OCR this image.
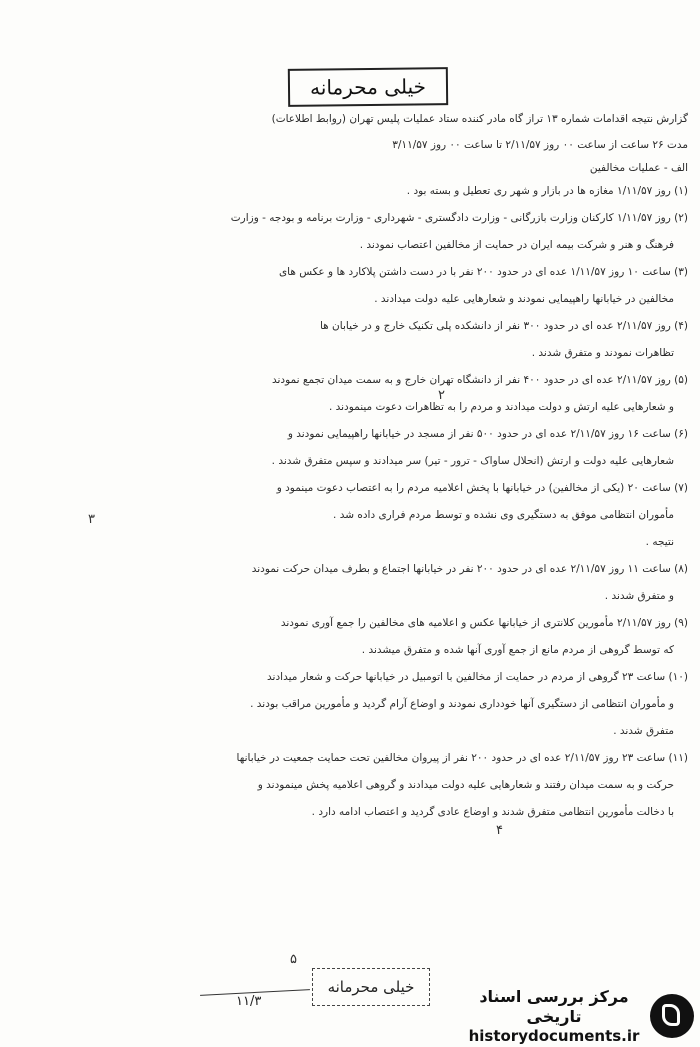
خیلی محرمانه

گزارش نتیجه اقدامات شماره ۱۳ تراز گاه مادر کننده ستاد عملیات پلیس تهران (روابط اطلاعات)

مدت ۲۶ ساعت از ساعت ۰۰ روز ۲/۱۱/۵۷ تا ساعت ۰۰ روز ۳/۱۱/۵۷

الف - عملیات مخالفین

(۱) روز ۱/۱۱/۵۷ مغازه ها در بازار و شهر ری تعطیل و بسته بود .

(۲) روز ۱/۱۱/۵۷ کارکنان وزارت بازرگانی - وزارت دادگستری - شهرداری - وزارت برنامه و بودجه - وزارت
فرهنگ و هنر و شرکت بیمه ایران در حمایت از مخالفین اعتصاب نمودند .

(۳) ساعت ۱۰ روز ۱/۱۱/۵۷ عده ای در حدود ۲۰۰ نفر با در دست داشتن پلاکارد ها و عکس های
مخالفین در خیابانها راهپیمایی نمودند و شعارهایی علیه دولت میدادند .

(۴) روز ۲/۱۱/۵۷ عده ای در حدود ۳۰۰ نفر از دانشکده پلی تکنیک خارج و در خیابان ها
تظاهرات نمودند و متفرق شدند .

(۵) روز ۲/۱۱/۵۷ عده ای در حدود ۴۰۰ نفر از دانشگاه تهران خارج و به سمت میدان تجمع نمودند
و شعارهایی علیه ارتش و دولت میدادند و مردم را به تظاهرات دعوت مینمودند .

(۶) ساعت ۱۶ روز ۲/۱۱/۵۷ عده ای در حدود ۵۰۰ نفر از مسجد در خیابانها راهپیمایی نمودند و
شعارهایی علیه دولت و ارتش (انحلال ساواک - ترور - تیر) سر میدادند و سپس متفرق شدند .

(۷) ساعت ۲۰ (یکی از مخالفین) در خیابانها با پخش اعلامیه مردم را به اعتصاب دعوت مینمود و
مأموران انتظامی موفق به دستگیری وی نشده و توسط مردم فراری داده شد .
نتیجه .

(۸) ساعت ۱۱ روز ۲/۱۱/۵۷ عده ای در حدود ۲۰۰ نفر در خیابانها اجتماع و بطرف میدان حرکت نمودند
و متفرق شدند .

(۹) روز ۲/۱۱/۵۷ مأمورین کلانتری از خیابانها عکس و اعلامیه های مخالفین را جمع آوری نمودند
که توسط گروهی از مردم مانع از جمع آوری آنها شده و متفرق میشدند .

(۱۰) ساعت ۲۳ گروهی از مردم در حمایت از مخالفین با اتومبیل در خیابانها حرکت و شعار میدادند
و مأموران انتظامی از دستگیری آنها خودداری نمودند و اوضاع آرام گردید و مأمورین مراقب بودند .
متفرق شدند .

(۱۱) ساعت ۲۳ روز ۲/۱۱/۵۷ عده ای در حدود ۲۰۰ نفر از پیروان مخالفین تحت حمایت جمعیت در خیابانها
حرکت و به سمت میدان رفتند و شعارهایی علیه دولت میدادند و گروهی اعلامیه پخش مینمودند و
با دخالت مأمورین انتظامی متفرق شدند و اوضاع عادی گردید و اعتصاب ادامه دارد .

۲
۳
۴
۵
خیلی محرمانه
۱۱/۳	مرکز بررسی اسناد تاریخی
historydocuments.ir
